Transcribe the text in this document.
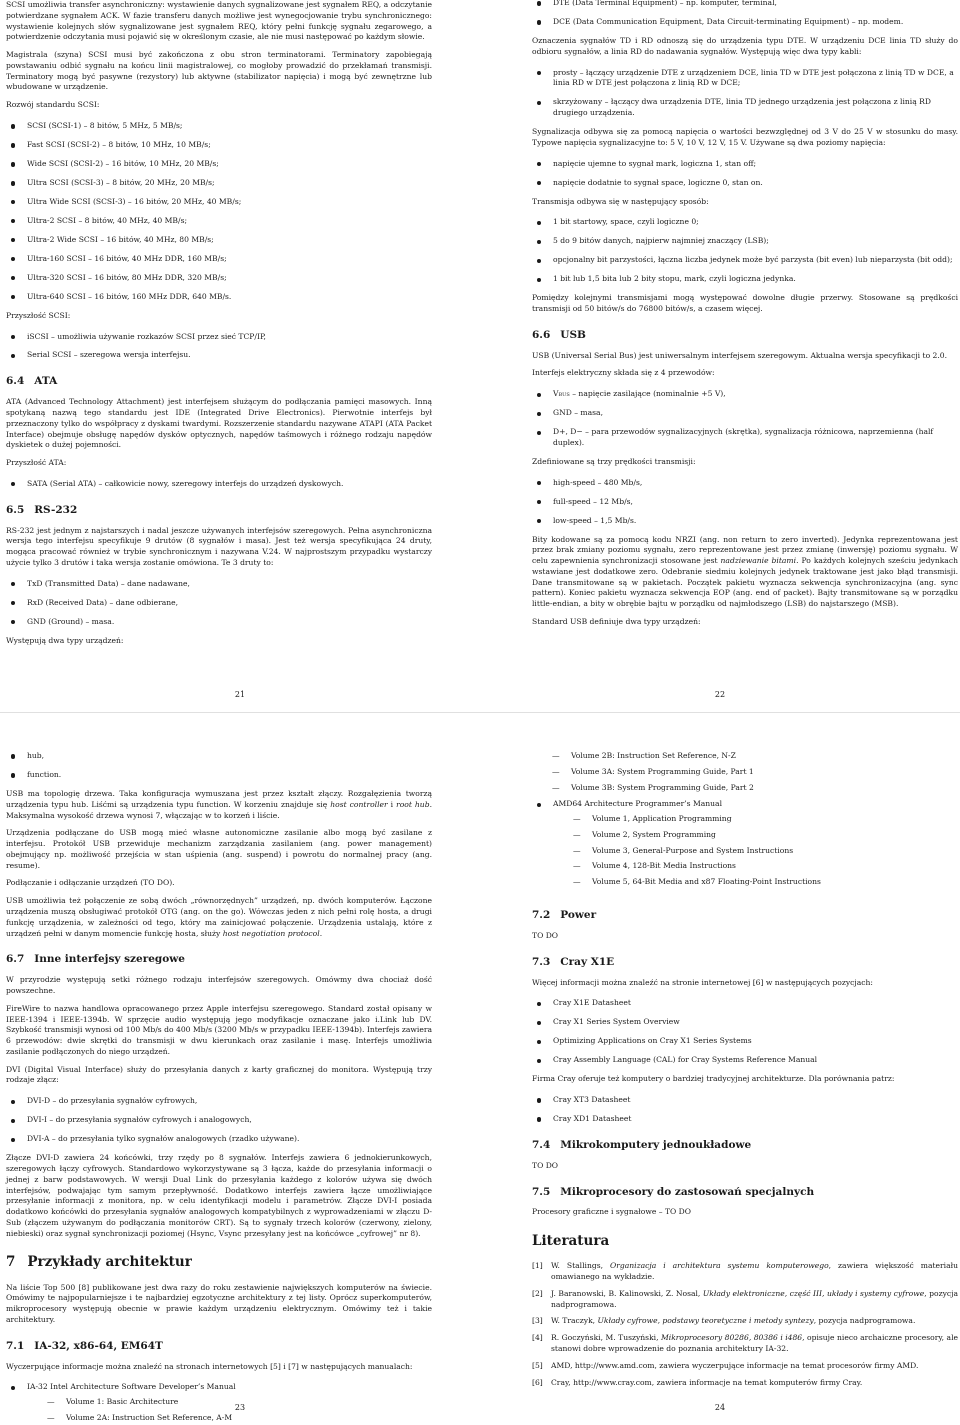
SCSI umożliwia transfer asynchroniczny: wystawienie danych sygnalizowane jest sygnałem REQ, a odczytanie potwierdzane sygnałem ACK. W fazie transferu danych możliwe jest wynegocjowanie trybu synchronicznego: wystawienie kolejnych słów sygnalizowane jest sygnałem REQ, który pełni funkcję sygnału zegarowego, a potwierdzenie odczytania musi pojawić się w określonym czasie, ale nie musi następować po każdym słowie.

Magistrala (szyna) SCSI musi być zakończona z obu stron terminatorami. Terminatory zapobiegają powstawaniu odbić sygnału na końcu linii magistralowej, co mogłoby prowadzić do przekłamań transmisji. Terminatory mogą być pasywne (rezystory) lub aktywne (stabilizator napięcia) i mogą być zewnętrzne lub wbudowane w urządzenie.

Rozwój standardu SCSI:

SCSI (SCSI-1) – 8 bitów, 5 MHz, 5 MB/s;
Fast SCSI (SCSI-2) – 8 bitów, 10 MHz, 10 MB/s;
Wide SCSI (SCSI-2) – 16 bitów, 10 MHz, 20 MB/s;
Ultra SCSI (SCSI-3) – 8 bitów, 20 MHz, 20 MB/s;
Ultra Wide SCSI (SCSI-3) – 16 bitów, 20 MHz, 40 MB/s;
Ultra-2 SCSI – 8 bitów, 40 MHz, 40 MB/s;
Ultra-2 Wide SCSI – 16 bitów, 40 MHz, 80 MB/s;
Ultra-160 SCSI – 16 bitów, 40 MHz DDR, 160 MB/s;
Ultra-320 SCSI – 16 bitów, 80 MHz DDR, 320 MB/s;
Ultra-640 SCSI – 16 bitów, 160 MHz DDR, 640 MB/s.

Przyszłość SCSI:

iSCSI – umożliwia używanie rozkazów SCSI przez sieć TCP/IP,
Serial SCSI – szeregowa wersja interfejsu.
6.4 ATA

ATA (Advanced Technology Attachment) jest interfejsem służącym do podłączania pamięci masowych. Inną spotykaną nazwą tego standardu jest IDE (Integrated Drive Electronics). Pierwotnie interfejs był przeznaczony tylko do współpracy z dyskami twardymi. Rozszerzenie standardu nazywane ATAPI (ATA Packet Interface) obejmuje obsługę napędów dysków optycznych, napędów taśmowych i różnego rodzaju napędów dyskietek o dużej pojemności.

Przyszłość ATA:

SATA (Serial ATA) – całkowicie nowy, szeregowy interfejs do urządzeń dyskowych.
6.5 RS-232

RS-232 jest jednym z najstarszych i nadal jeszcze używanych interfejsów szeregowych. Pełna asynchroniczna wersja tego interfejsu specyfikuje 9 drutów (8 sygnałów i masa). Jest też wersja specyfikująca 24 druty, mogąca pracować również w trybie synchronicznym i nazywana V.24. W najprostszym przypadku wystarczy użycie tylko 3 drutów i taka wersja zostanie omówiona. Te 3 druty to:

TxD (Transmitted Data) – dane nadawane,
RxD (Received Data) – dane odbierane,
GND (Ground) – masa.

Występują dwa typy urządzeń:

21
DTE (Data Terminal Equipment) – np. komputer, terminal,
DCE (Data Communication Equipment, Data Circuit-terminating Equipment) – np. modem.

Oznaczenia sygnałów TD i RD odnoszą się do urządzenia typu DTE. W urządzeniu DCE linia TD służy do odbioru sygnałów, a linia RD do nadawania sygnałów. Występują więc dwa typy kabli:

prosty – łączący urządzenie DTE z urządzeniem DCE, linia TD w DTE jest połączona z linią TD w DCE, a linia RD w DTE jest połączona z linią RD w DCE;
skrzyżowany – łączący dwa urządzenia DTE, linia TD jednego urządzenia jest połączona z linią RD drugiego urządzenia.

Sygnalizacja odbywa się za pomocą napięcia o wartości bezwzględnej od 3 V do 25 V w stosunku do masy. Typowe napięcia sygnalizacyjne to: 5 V, 10 V, 12 V, 15 V. Używane są dwa poziomy napięcia:

napięcie ujemne to sygnał mark, logiczna 1, stan off;
napięcie dodatnie to sygnał space, logiczne 0, stan on.

Transmisja odbywa się w następujący sposób:

1 bit startowy, space, czyli logiczne 0;
5 do 9 bitów danych, najpierw najmniej znaczący (LSB);
opcjonalny bit parzystości, łączna liczba jedynek może być parzysta (bit even) lub nieparzysta (bit odd);
1 bit lub 1,5 bita lub 2 bity stopu, mark, czyli logiczna jedynka.

Pomiędzy kolejnymi transmisjami mogą występować dowolne długie przerwy. Stosowane są prędkości transmisji od 50 bitów/s do 76800 bitów/s, a czasem więcej.

6.6 USB

USB (Universal Serial Bus) jest uniwersalnym interfejsem szeregowym. Aktualna wersja specyfikacji to 2.0.

Interfejs elektryczny składa się z 4 przewodów:

Vbus – napięcie zasilające (nominalnie +5 V),
GND – masa,
D+, D− – para przewodów sygnalizacyjnych (skrętka), sygnalizacja różnicowa, naprzemienna (half duplex).

Zdefiniowane są trzy prędkości transmisji:

high-speed – 480 Mb/s,
full-speed – 12 Mb/s,
low-speed – 1,5 Mb/s.

Bity kodowane są za pomocą kodu NRZI (ang. non return to zero inverted). Jedynka reprezentowana jest przez brak zmiany poziomu sygnału, zero reprezentowane jest przez zmianę (inwersję) poziomu sygnału. W celu zapewnienia synchronizacji stosowane jest nadziewanie bitami. Po każdych kolejnych sześciu jedynkach wstawiane jest dodatkowe zero. Odebranie siedmiu kolejnych jedynek traktowane jest jako błąd transmisji. Dane transmitowane są w pakietach. Początek pakietu wyznacza sekwencja synchronizacyjna (ang. sync pattern). Koniec pakietu wyznacza sekwencja EOP (ang. end of packet). Bajty transmitowane są w porządku little-endian, a bity w obrębie bajtu w porządku od najmłodszego (LSB) do najstarszego (MSB).

Standard USB definiuje dwa typy urządzeń:

22
hub,
function.

USB ma topologię drzewa. Taka konfiguracja wymuszana jest przez kształt złączy. Rozgałęzienia tworzą urządzenia typu hub. Liśćmi są urządzenia typu function. W korzeniu znajduje się host controller i root hub. Maksymalna wysokość drzewa wynosi 7, włączając w to korzeń i liście.

Urządzenia podłączane do USB mogą mieć własne autonomiczne zasilanie albo mogą być zasilane z interfejsu. Protokół USB przewiduje mechanizm zarządzania zasilaniem (ang. power management) obejmujący np. możliwość przejścia w stan uśpienia (ang. suspend) i powrotu do normalnej pracy (ang. resume).

Podłączanie i odłączanie urządzeń (TO DO).

USB umożliwia też połączenie ze sobą dwóch „równorzędnych” urządzeń, np. dwóch komputerów. Łączone urządzenia muszą obsługiwać protokół OTG (ang. on the go). Wówczas jeden z nich pełni rolę hosta, a drugi funkcję urządzenia, w zależności od tego, który ma zainicjować połączenie. Urządzenia ustalają, które z urządzeń pełni w danym momencie funkcję hosta, służy host negotiation protocol.

6.7 Inne interfejsy szeregowe

W przyrodzie występują setki różnego rodzaju interfejsów szeregowych. Omówmy dwa chociaż dość powszechne.

FireWire to nazwa handlowa opracowanego przez Apple interfejsu szeregowego. Standard został opisany w IEEE-1394 i IEEE-1394b. W sprzęcie audio występują jego modyfikacje oznaczane jako i.Link lub DV. Szybkość transmisji wynosi od 100 Mb/s do 400 Mb/s (3200 Mb/s w przypadku IEEE-1394b). Interfejs zawiera 6 przewodów: dwie skrętki do transmisji w dwu kierunkach oraz zasilanie i masę. Interfejs umożliwia zasilanie podłączonych do niego urządzeń.

DVI (Digital Visual Interface) służy do przesyłania danych z karty graficznej do monitora. Występują trzy rodzaje złącz:

DVI-D – do przesyłania sygnałów cyfrowych,
DVI-I – do przesyłania sygnałów cyfrowych i analogowych,
DVI-A – do przesyłania tylko sygnałów analogowych (rzadko używane).

Złącze DVI-D zawiera 24 końcówki, trzy rzędy po 8 sygnałów. Interfejs zawiera 6 jednokierunkowych, szeregowych łączy cyfrowych. Standardowo wykorzystywane są 3 łącza, każde do przesyłania informacji o jednej z barw podstawowych. W wersji Dual Link do przesyłania każdego z kolorów używa się dwóch interfejsów, podwajając tym samym przepływność. Dodatkowo interfejs zawiera łącze umożliwiające przesyłanie informacji z monitora, np. w celu identyfikacji modelu i parametrów. Złącze DVI-I posiada dodatkowo końcówki do przesyłania sygnałów analogowych kompatybilnych z wyprowadzeniami w złączu D-Sub (złączem używanym do podłączania monitorów CRT). Są to sygnały trzech kolorów (czerwony, zielony, niebieski) oraz sygnał synchronizacji poziomej (Hsync, Vsync przesyłany jest na końcówce „cyfrowej” nr 8).

7 Przykłady architektur

Na liście Top 500 [8] publikowane jest dwa razy do roku zestawienie największych komputerów na świecie. Omówimy te najpopularniejsze i te najbardziej egzotyczne architektury z tej listy. Oprócz superkomputerów, mikroprocesory występują obecnie w prawie każdym urządzeniu elektrycznym. Omówimy też i takie architektury.

7.1 IA-32, x86-64, EM64T

Wyczerpujące informacje można znaleźć na stronach internetowych [5] i [7] w następujących manualach:

IA-32 Intel Architecture Software Developer’s Manual
— Volume 1: Basic Architecture
— Volume 2A: Instruction Set Reference, A-M
23
— Volume 2B: Instruction Set Reference, N-Z
— Volume 3A: System Programming Guide, Part 1
— Volume 3B: System Programming Guide, Part 2
AMD64 Architecture Programmer’s Manual
— Volume 1, Application Programming
— Volume 2, System Programming
— Volume 3, General-Purpose and System Instructions
— Volume 4, 128-Bit Media Instructions
— Volume 5, 64-Bit Media and x87 Floating-Point Instructions
7.2 Power

TO DO

7.3 Cray X1E

Więcej informacji można znaleźć na stronie internetowej [6] w następujących pozycjach:

Cray X1E Datasheet
Cray X1 Series System Overview
Optimizing Applications on Cray X1 Series Systems
Cray Assembly Language (CAL) for Cray Systems Reference Manual

Firma Cray oferuje też komputery o bardziej tradycyjnej architekturze. Dla porównania patrz:

Cray XT3 Datasheet
Cray XD1 Datasheet
7.4 Mikrokomputery jednoukładowe

TO DO

7.5 Mikroprocesory do zastosowań specjalnych

Procesory graficzne i sygnałowe – TO DO

Literatura
[1] W. Stallings, Organizacja i architektura systemu komputerowego, zawiera większość materiału omawianego na wykładzie.
[2] J. Baranowski, B. Kalinowski, Z. Nosal, Układy elektroniczne, część III, układy i systemy cyfrowe, pozycja nadprogramowa.
[3] W. Traczyk, Układy cyfrowe, podstawy teoretyczne i metody syntezy, pozycja nadprogramowa.
[4] R. Goczyński, M. Tuszyński, Mikroprocesory 80286, 80386 i i486, opisuje nieco archaiczne procesory, ale stanowi dobre wprowadzenie do poznania architektury IA-32.
[5] AMD, http://www.amd.com, zawiera wyczerpujące informacje na temat procesorów firmy AMD.
[6] Cray, http://www.cray.com, zawiera informacje na temat komputerów firmy Cray.
24
